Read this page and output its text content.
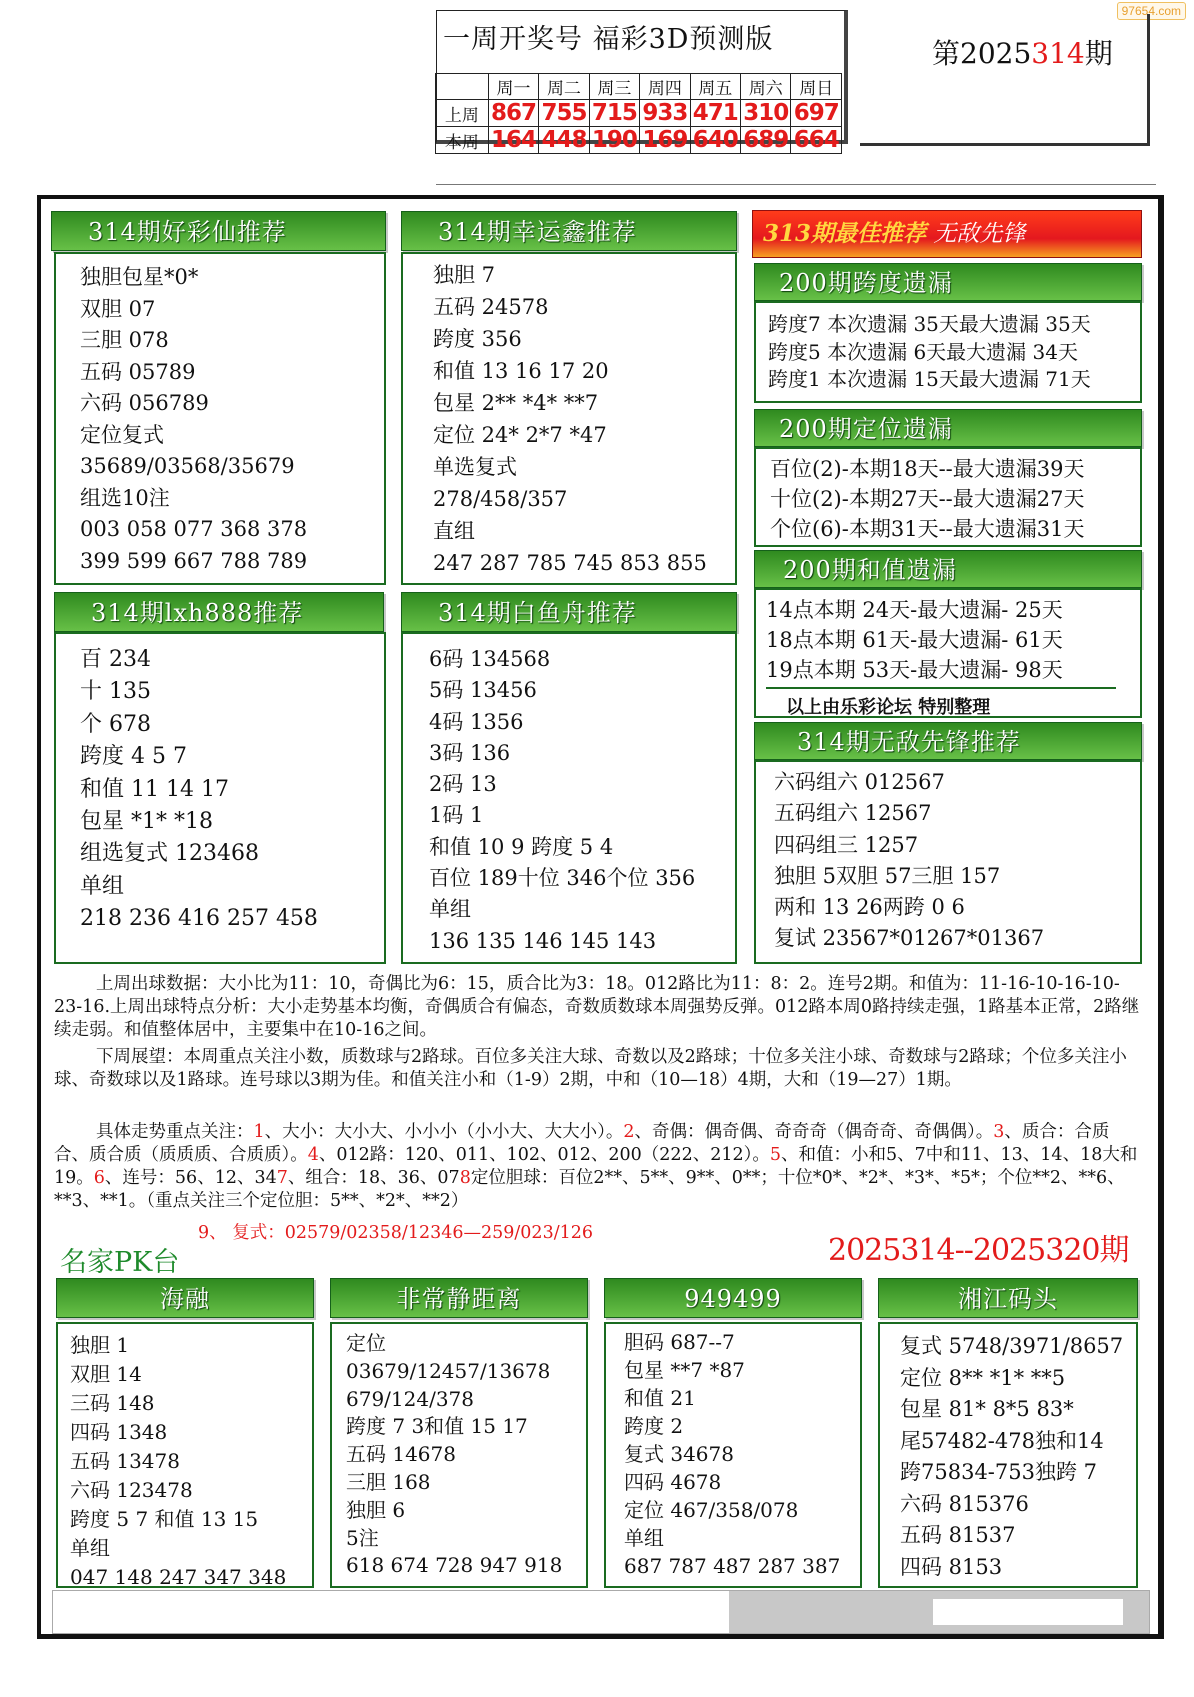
97654.com
一周开奖号 福彩3D预测版
	周一	周二	周三	周四	周五	周六	周日
上周	867	755	715	933	471	310	697
本周	164	448	190	169	640	689	664
第2025314期
314期好彩仙推荐
独胆包星*0*
双胆 07
三胆 078
五码 05789
六码 056789
定位复式
35689/03568/35679
组选10注
003 058 077 368 378
399 599 667 788 789
314期幸运鑫推荐
独胆 7
五码 24578
跨度 356
和值 13 16 17 20
包星 2** *4* **7
定位 24* 2*7 *47
单选复式
278/458/357
直组
247 287 785 745 853 855
314期lxh888推荐
百 234
十 135
个 678
跨度 4 5 7
和值 11 14 17
包星 *1* *18
组选复式 123468
单组
218 236 416 257 458
314期白鱼舟推荐
6码 134568
5码 13456
4码 1356
3码 136
2码 13
1码 1
和值 10 9 跨度 5 4
百位 189十位 346个位 356
单组
136 135 146 145 143
313期最佳推荐 无敌先锋
200期跨度遗漏
跨度7 本次遗漏 35天最大遗漏 35天
跨度5 本次遗漏 6天最大遗漏 34天
跨度1 本次遗漏 15天最大遗漏 71天
200期定位遗漏
百位(2)-本期18天--最大遗漏39天
十位(2)-本期27天--最大遗漏27天
个位(6)-本期31天--最大遗漏31天
200期和值遗漏
14点本期 24天-最大遗漏- 25天
18点本期 61天-最大遗漏- 61天
19点本期 53天-最大遗漏- 98天
以上由乐彩论坛 特别整理
314期无敌先锋推荐
六码组六 012567
五码组六 12567
四码组三 1257
独胆 5双胆 57三胆 157
两和 13 26两跨 0 6
复试 23567*01267*01367
上周出球数据：大小比为11：10，奇偶比为6：15，质合比为3：18。012路比为11：8：2。连号2期。和值为：11-16-10-16-10-23-16.上周出球特点分析：大小走势基本均衡，奇偶质合有偏态，奇数质数球本周强势反弹。012路本周0路持续走强，1路基本正常，2路继续走弱。和值整体居中，主要集中在10-16之间。
下周展望：本周重点关注小数，质数球与2路球。百位多关注大球、奇数以及2路球；十位多关注小球、奇数球与2路球；个位多关注小球、奇数球以及1路球。连号球以3期为佳。和值关注小和（1-9）2期，中和（10—18）4期，大和（19—27）1期。
具体走势重点关注：1、大小：大小大、小小小（小小大、大大小）。2、奇偶：偶奇偶、奇奇奇（偶奇奇、奇偶偶）。3、质合：合质合、质合质（质质质、合质质）。4、012路：120、011、102、012、200（222、212）。5、和值：小和5、7中和11、13、14、18大和19。6、连号：56、12、347、组合：18、36、078定位胆球：百位2**、5**、9**、0**；十位*0*、*2*、*3*、*5*；个位**2、**6、**3、**1。（重点关注三个定位胆：5**、*2*、**2）
9、 复式：02579/02358/12346—259/023/126
名家PK台	2025314--2025320期
海融
独胆 1
双胆 14
三码 148
四码 1348
五码 13478
六码 123478
跨度 5 7 和值 13 15
单组
047 148 247 347 348
非常静距离
定位
03679/12457/13678
679/124/378
跨度 7 3和值 15 17
五码 14678
三胆 168
独胆 6
5注
618 674 728 947 918
949499
胆码 687--7
包星 **7 *87
和值 21
跨度 2
复式 34678
四码 4678
定位 467/358/078
单组
687 787 487 287 387
湘江码头
复式 5748/3971/8657
定位 8** *1* **5
包星 81* 8*5 83*
尾57482-478独和14
跨75834-753独跨 7
六码 815376
五码 81537
四码 8153
